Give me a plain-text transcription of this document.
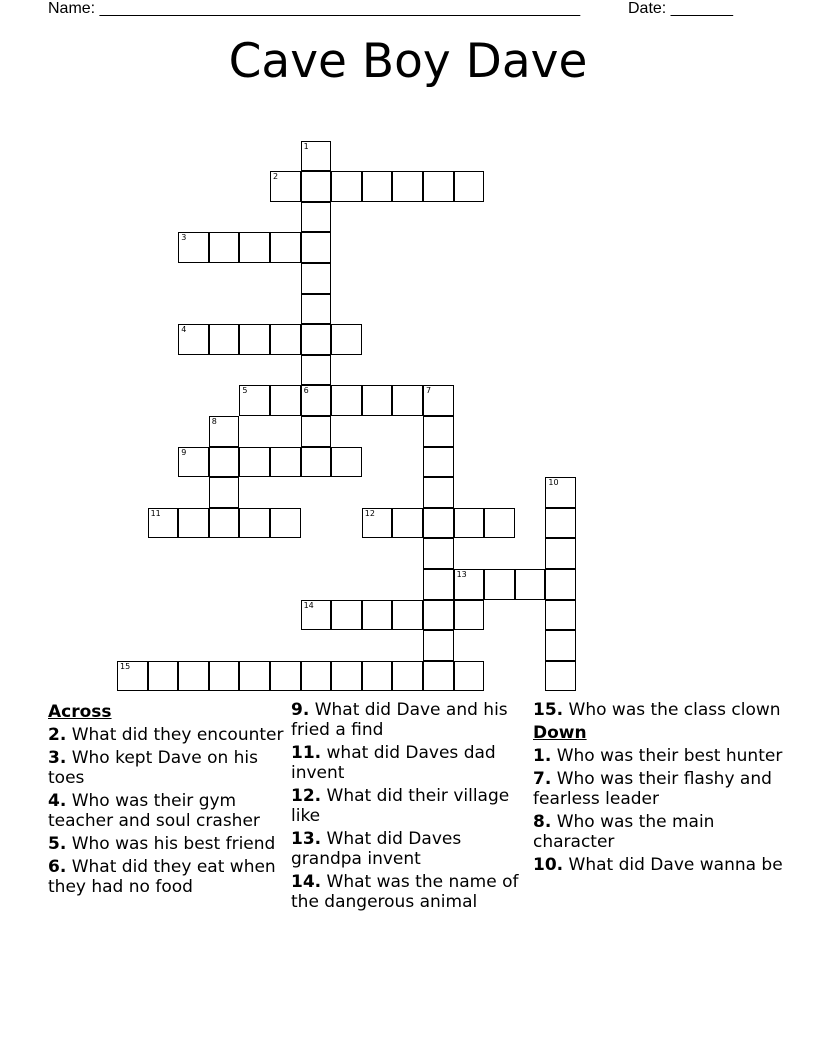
Name: ______________________________________________________	Date: _______
Cave Boy Dave
1
6
2
3
4
5	7
8
9
10
11	12
13
14
15
Across
2. What did they encounter
3. Who kept Dave on his toes
4. Who was their gym teacher and soul crasher
5. Who was his best friend
6. What did they eat when they had no food
9. What did Dave and his fried a find
11. what did Daves dad invent
12. What did their village like
13. What did Daves grandpa invent
14. What was the name of the dangerous animal
15. Who was the class clown
Down
1. Who was their best hunter
7. Who was their flashy and fearless leader
8. Who was the main character
10. What did Dave wanna be
